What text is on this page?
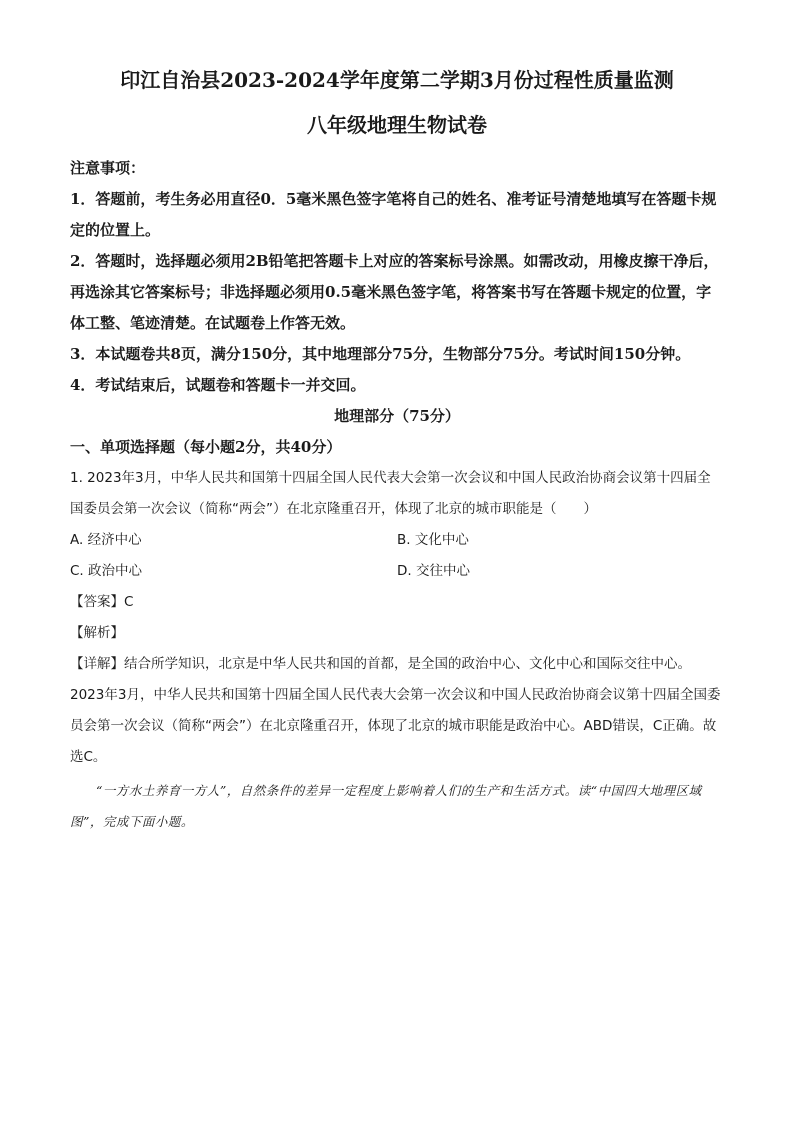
印江自治县2023-2024学年度第二学期3月份过程性质量监测
八年级地理生物试卷

注意事项：

1．答题前，考生务必用直径0．5毫米黑色签字笔将自己的姓名、准考证号清楚地填写在答题卡规定的位置上。

2．答题时，选择题必须用2B铅笔把答题卡上对应的答案标号涂黑。如需改动，用橡皮擦干净后，再选涂其它答案标号；非选择题必须用0.5毫米黑色签字笔，将答案书写在答题卡规定的位置，字体工整、笔迹清楚。在试题卷上作答无效。

3．本试题卷共8页，满分150分，其中地理部分75分，生物部分75分。考试时间150分钟。

4．考试结束后，试题卷和答题卡一并交回。

地理部分（75分）

一、单项选择题（每小题2分，共40分）

1. 2023年3月，中华人民共和国第十四届全国人民代表大会第一次会议和中国人民政治协商会议第十四届全国委员会第一次会议（简称“两会”）在北京隆重召开，体现了北京的城市职能是（　　）

A. 经济中心	B. 文化中心
C. 政治中心	D. 交往中心

【答案】C

【解析】

【详解】结合所学知识，北京是中华人民共和国的首都，是全国的政治中心、文化中心和国际交往中心。

2023年3月，中华人民共和国第十四届全国人民代表大会第一次会议和中国人民政治协商会议第十四届全国委员会第一次会议（简称“两会”）在北京隆重召开，体现了北京的城市职能是政治中心。ABD错误，C正确。故选C。

“一方水土养育一方人”，自然条件的差异一定程度上影响着人们的生产和生活方式。读“中国四大地理区域图”，完成下面小题。
